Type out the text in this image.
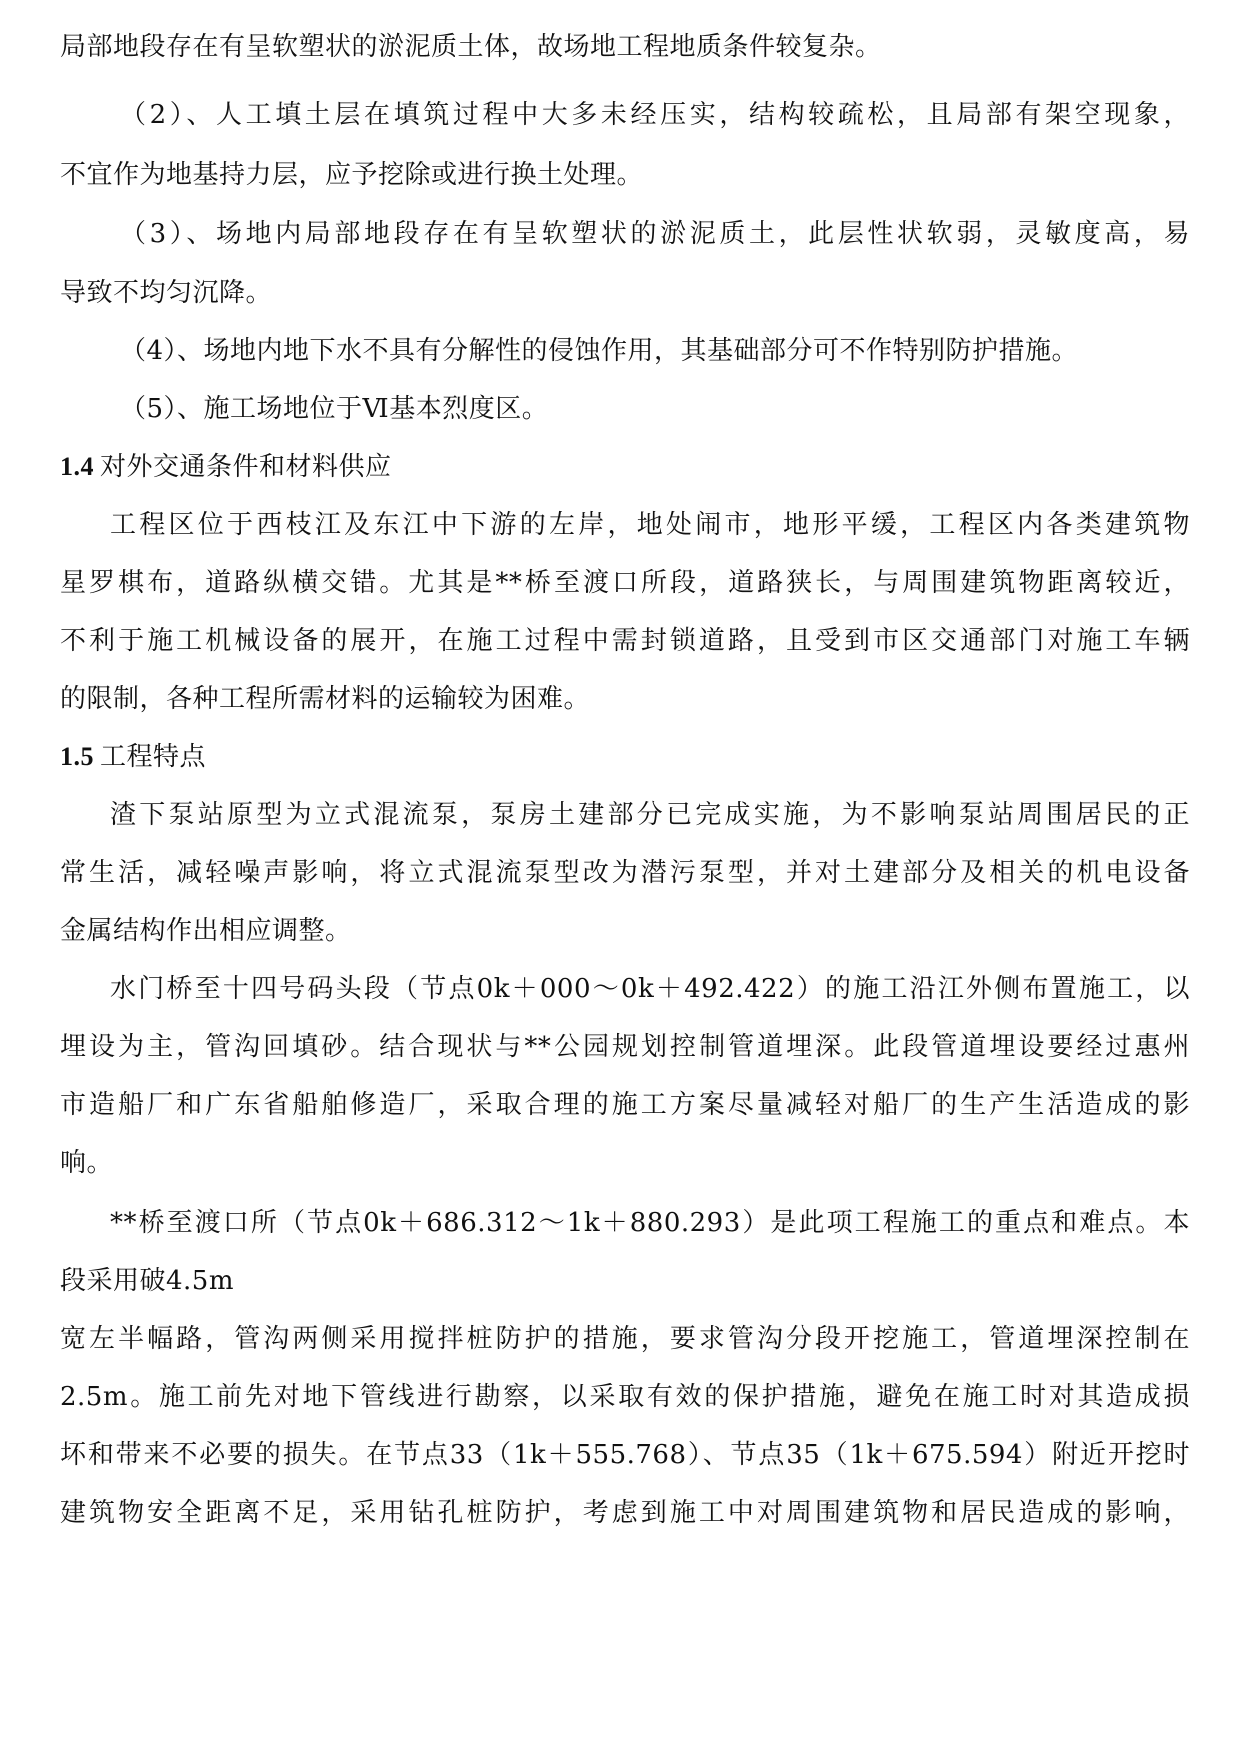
局部地段存在有呈软塑状的淤泥质土体，故场地工程地质条件较复杂。
（2）、人工填土层在填筑过程中大多未经压实，结构较疏松，且局部有架空现象，
不宜作为地基持力层，应予挖除或进行换土处理。
（3）、场地内局部地段存在有呈软塑状的淤泥质土，此层性状软弱，灵敏度高，易
导致不均匀沉降。
（4）、场地内地下水不具有分解性的侵蚀作用，其基础部分可不作特别防护措施。
（5）、施工场地位于Ⅵ基本烈度区。
1.4 对外交通条件和材料供应
工程区位于西枝江及东江中下游的左岸，地处闹市，地形平缓，工程区内各类建筑物
星罗棋布，道路纵横交错。尤其是**桥至渡口所段，道路狭长，与周围建筑物距离较近，
不利于施工机械设备的展开，在施工过程中需封锁道路，且受到市区交通部门对施工车辆
的限制，各种工程所需材料的运输较为困难。
1.5 工程特点
渣下泵站原型为立式混流泵，泵房土建部分已完成实施，为不影响泵站周围居民的正
常生活，减轻噪声影响，将立式混流泵型改为潜污泵型，并对土建部分及相关的机电设备
金属结构作出相应调整。
水门桥至十四号码头段（节点0k＋000～0k＋492.422）的施工沿江外侧布置施工，以
埋设为主，管沟回填砂。结合现状与**公园规划控制管道埋深。此段管道埋设要经过惠州
市造船厂和广东省船舶修造厂，采取合理的施工方案尽量减轻对船厂的生产生活造成的影
响。
**桥至渡口所（节点0k＋686.312～1k＋880.293）是此项工程施工的重点和难点。本
段采用破4.5m
宽左半幅路，管沟两侧采用搅拌桩防护的措施，要求管沟分段开挖施工，管道埋深控制在
2.5m。施工前先对地下管线进行勘察，以采取有效的保护措施，避免在施工时对其造成损
坏和带来不必要的损失。在节点33（1k＋555.768）、节点35（1k＋675.594）附近开挖时
建筑物安全距离不足，采用钻孔桩防护，考虑到施工中对周围建筑物和居民造成的影响，
